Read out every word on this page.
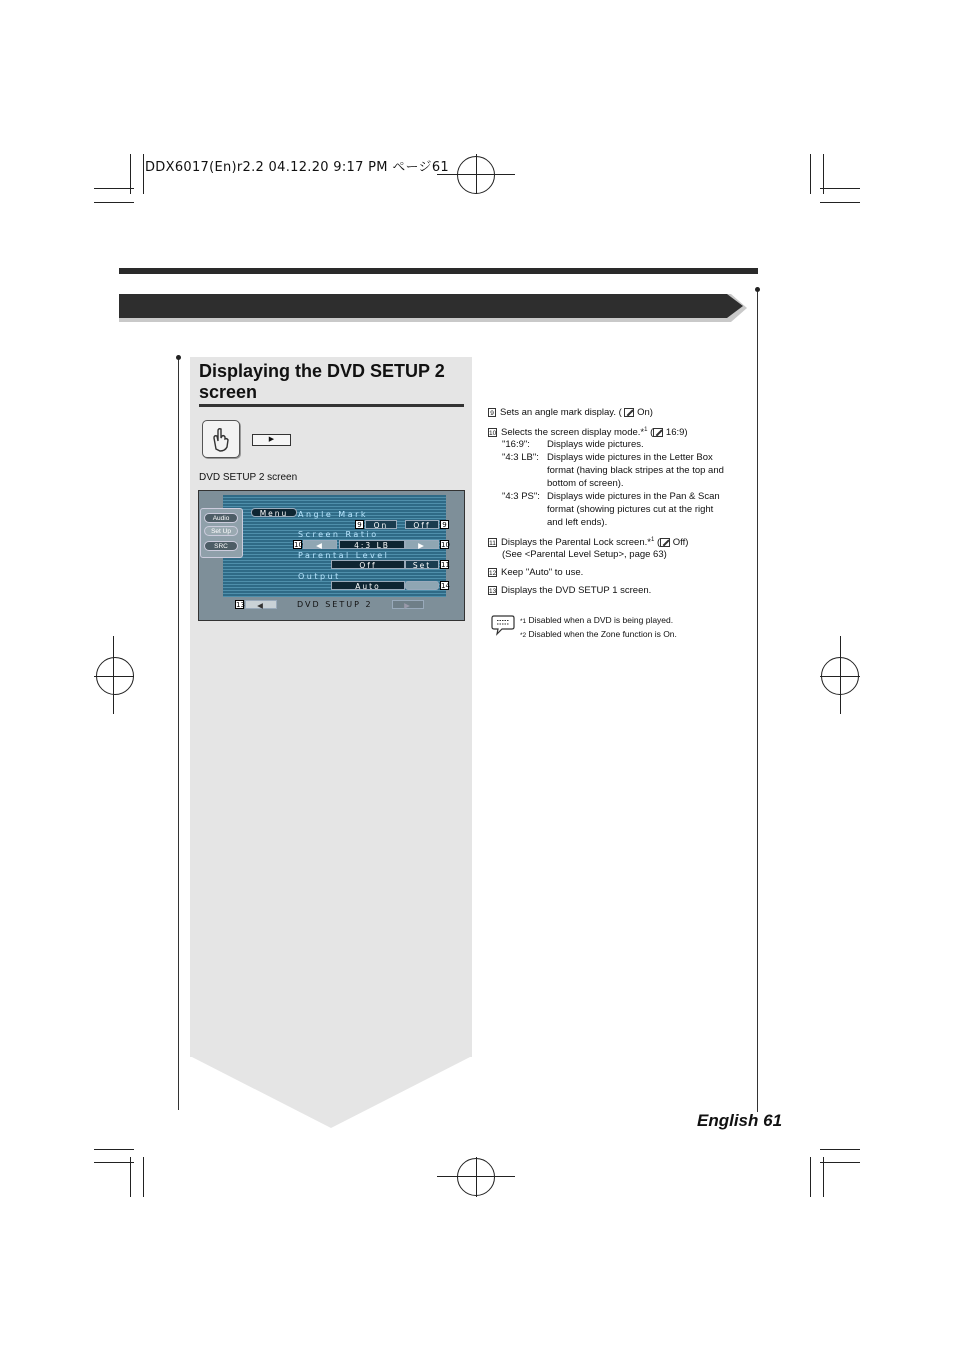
DDX6017(En)r2.2 04.12.20 9:17 PM ページ61
Displaying the DVD SETUP 2 screen
▶
DVD SETUP 2 screen
Audio
Set Up
SRC
Menu	Angle Mark
9	On	Off	9
Screen Ratio
10	◀	4:3 LB	▶	10
Parental Level
Off	Set	11
Output
Auto	14
13	◀	DVD SETUP 2	▶
9 Sets an angle mark display. ( On)
10 Selects the screen display mode.*$^1$ ( 16:9)
"16:9": Displays wide pictures.
"4:3 LB": Displays wide pictures in the Letter Box
format (having black stripes at the top and
bottom of screen).
"4:3 PS": Displays wide pictures in the Pan & Scan
format (showing pictures cut at the right
and left ends).
11 Displays the Parental Lock screen.*$^1$ ( Off)
(See <Parental Level Setup>, page 63)
12 Keep "Auto" to use.
13 Displays the DVD SETUP 1 screen.
*1 Disabled when a DVD is being played.
*2 Disabled when the Zone function is On.
English 61
